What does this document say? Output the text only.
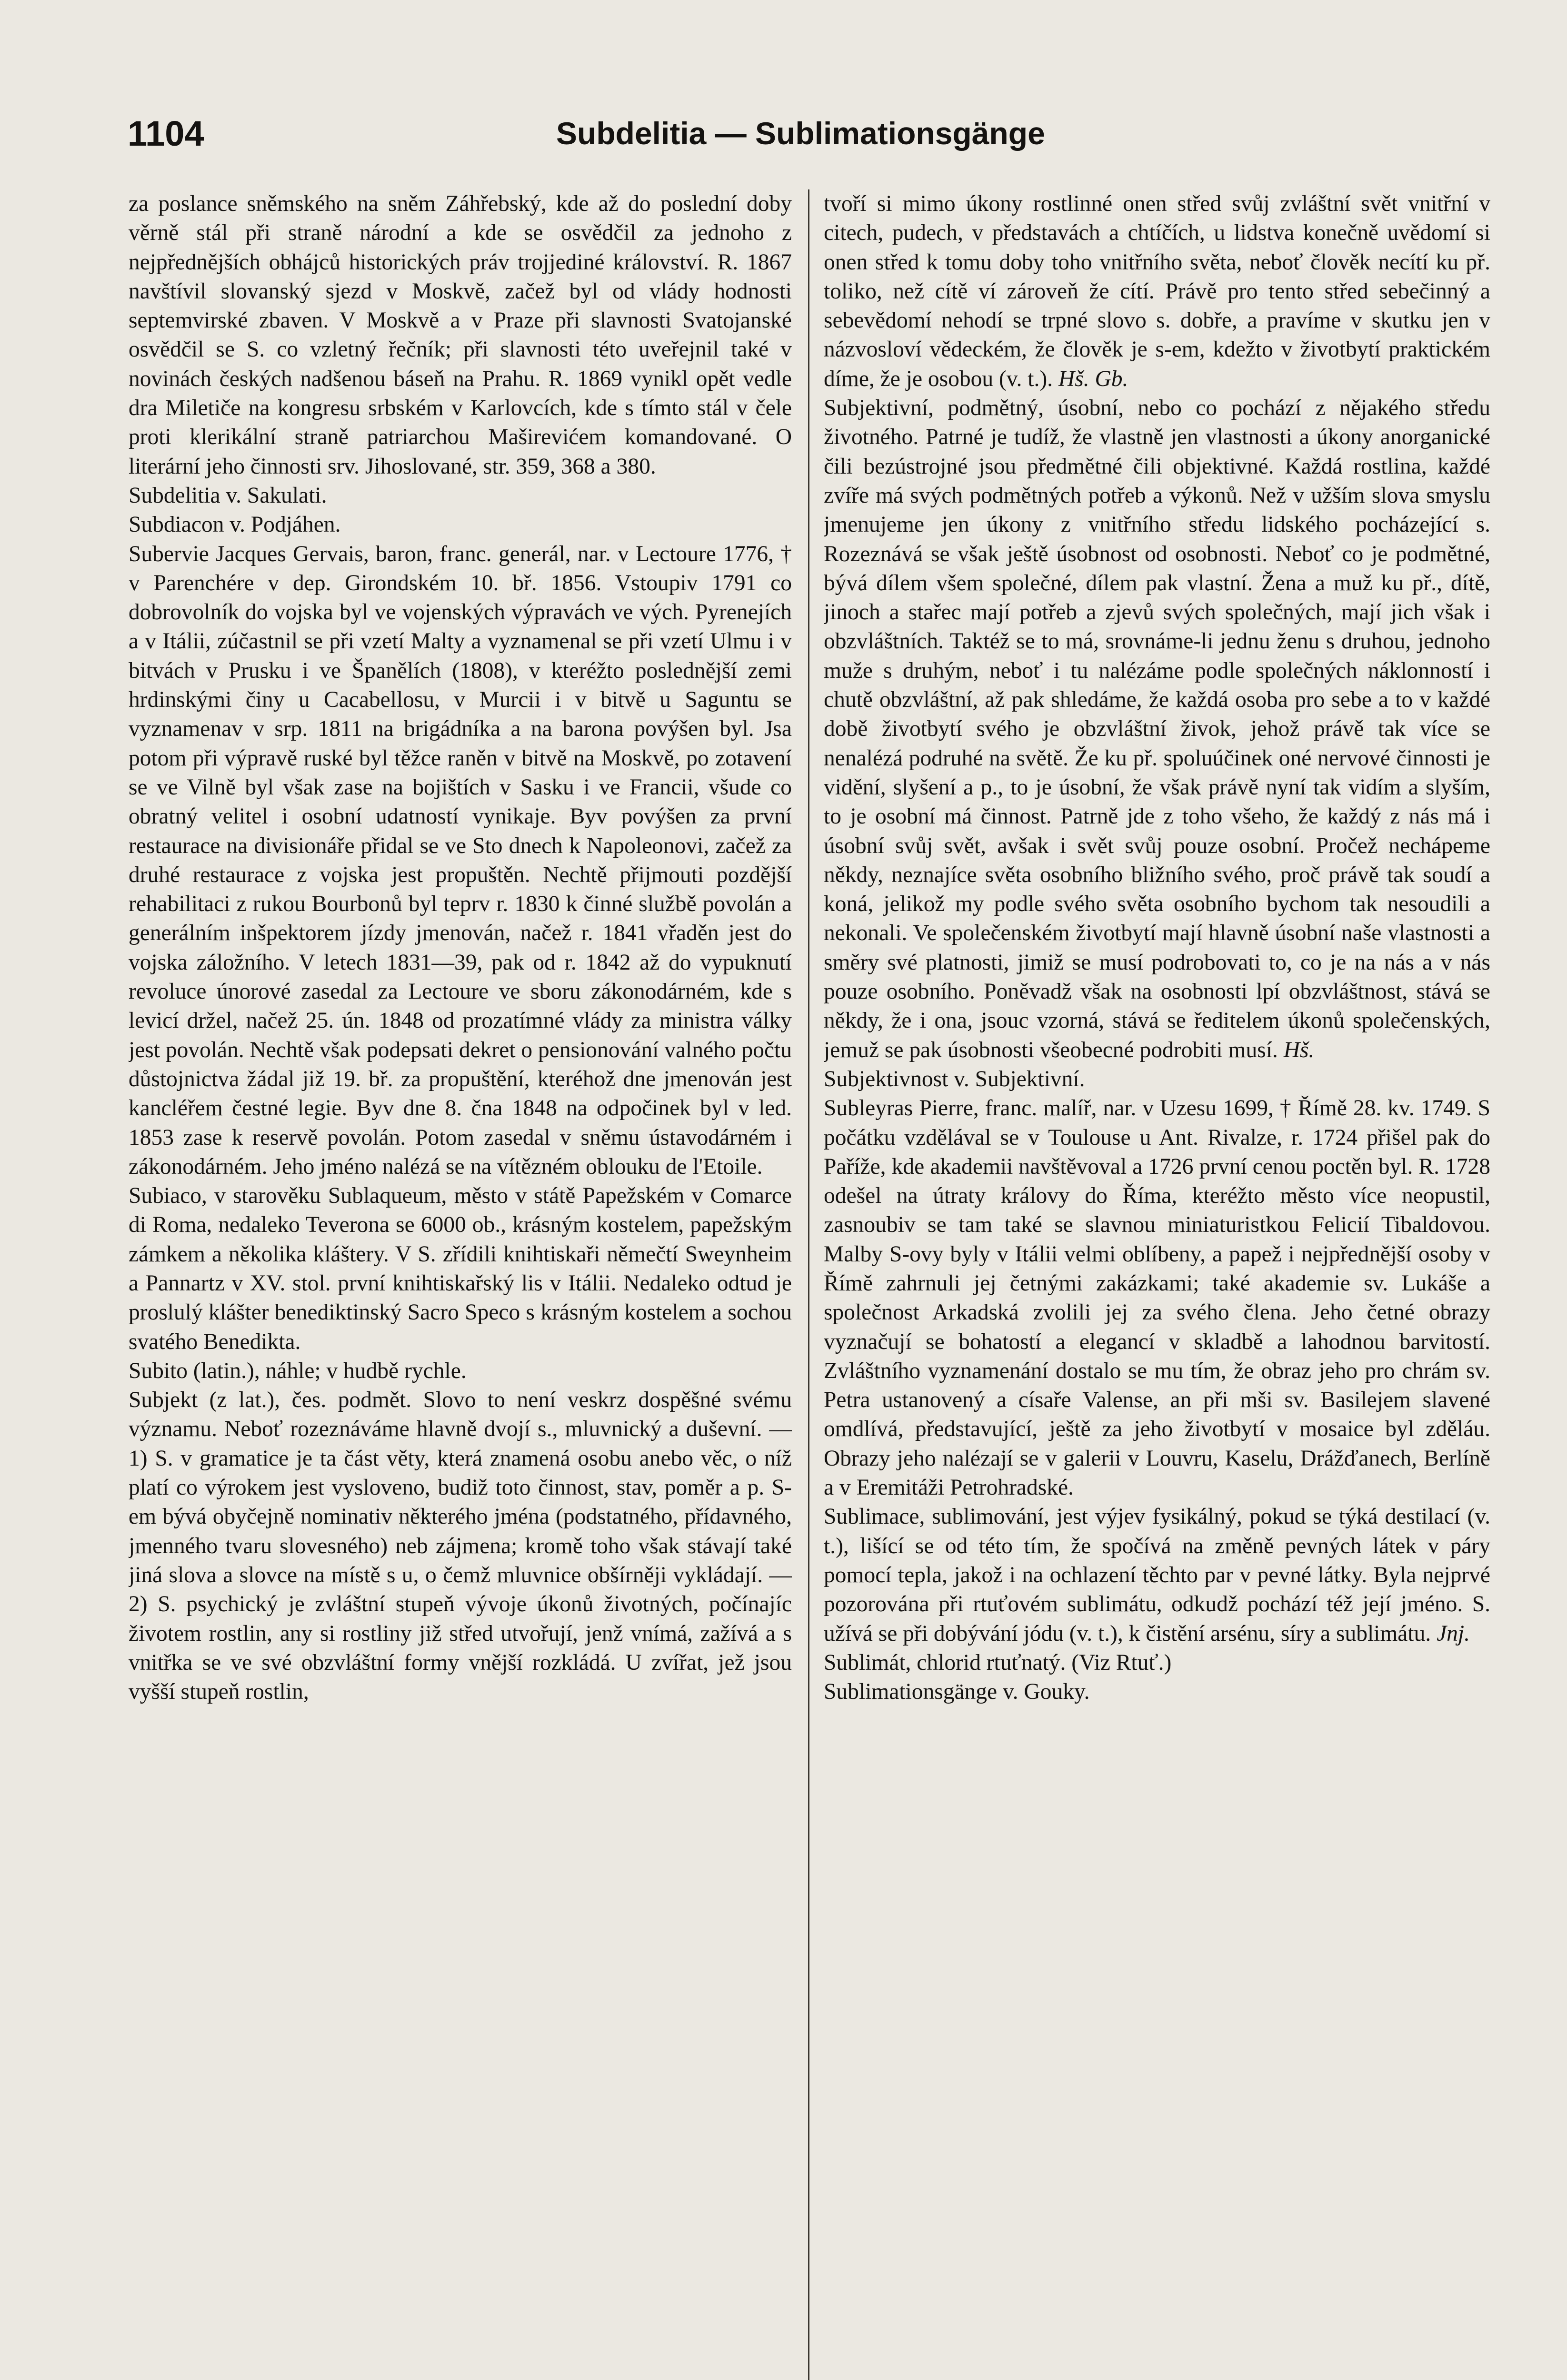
1104	Subdelitia — Sublimationsgänge

za poslance sněmského na sněm Záhřebský, kde až do poslední doby věrně stál při straně národní a kde se osvědčil za jednoho z nejpřednějších obhájců historických práv trojjediné království. R. 1867 navštívil slovanský sjezd v Moskvě, začež byl od vlády hodnosti septemvirské zbaven. V Moskvě a v Praze při slavnosti Svatojanské osvědčil se S. co vzletný řečník; při slavnosti této uveřejnil také v novinách českých nadšenou báseň na Prahu. R. 1869 vynikl opět vedle dra Miletiče na kongresu srbském v Karlovcích, kde s tímto stál v čele proti klerikální straně patriarchou Maširevićem komandované. O literární jeho činnosti srv. Jihoslované, str. 359, 368 a 380.

Subdelitia v. Sakulati.

Subdiacon v. Podjáhen.

Subervie Jacques Gervais, baron, franc. generál, nar. v Lectoure 1776, † v Parenchére v dep. Girondském 10. bř. 1856. Vstoupiv 1791 co dobrovolník do vojska byl ve vojenských výpravách ve vých. Pyrenejích a v Itálii, zúčastnil se při vzetí Malty a vyznamenal se při vzetí Ulmu i v bitvách v Prusku i ve Španělích (1808), v kteréžto poslednější zemi hrdinskými činy u Cacabellosu, v Murcii i v bitvě u Saguntu se vyznamenav v srp. 1811 na brigádníka a na barona povýšen byl. Jsa potom při výpravě ruské byl těžce raněn v bitvě na Moskvě, po zotavení se ve Vilně byl však zase na bojištích v Sasku i ve Francii, všude co obratný velitel i osobní udatností vynikaje. Byv povýšen za první restaurace na divisionáře přidal se ve Sto dnech k Napoleonovi, začež za druhé restaurace z vojska jest propuštěn. Nechtě přijmouti pozdější rehabilitaci z rukou Bourbonů byl teprv r. 1830 k činné službě povolán a generálním inšpektorem jízdy jmenován, načež r. 1841 vřaděn jest do vojska záložního. V letech 1831—39, pak od r. 1842 až do vypuknutí revoluce únorové zasedal za Lectoure ve sboru zákonodárném, kde s levicí držel, načež 25. ún. 1848 od prozatímné vlády za ministra války jest povolán. Nechtě však podepsati dekret o pensionování valného počtu důstojnictva žádal již 19. bř. za propuštění, kteréhož dne jmenován jest kancléřem čestné legie. Byv dne 8. čna 1848 na odpočinek byl v led. 1853 zase k reservě povolán. Potom zasedal v sněmu ústavodárném i zákonodárném. Jeho jméno nalézá se na vítězném oblouku de l'Etoile.

Subiaco, v starověku Sublaqueum, město v státě Papežském v Comarce di Roma, nedaleko Teverona se 6000 ob., krásným kostelem, papežským zámkem a několika kláštery. V S. zřídili knihtiskaři němečtí Sweynheim a Pannartz v XV. stol. první knihtiskařský lis v Itálii. Nedaleko odtud je proslulý klášter benediktinský Sacro Speco s krásným kostelem a sochou svatého Benedikta.

Subito (latin.), náhle; v hudbě rychle.

Subjekt (z lat.), čes. podmět. Slovo to není veskrz dospěšné svému významu. Neboť rozeznáváme hlavně dvojí s., mluvnický a duševní. — 1) S. v gramatice je ta část věty, která znamená osobu anebo věc, o níž platí co výrokem jest vysloveno, budiž toto činnost, stav, poměr a p. S-em bývá obyčejně nominativ některého jména (podstatného, přídavného, jmenného tvaru slovesného) neb zájmena; kromě toho však stávají také jiná slova a slovce na místě s u, o čemž mluvnice obšírněji vykládají. — 2) S. psychický je zvláštní stupeň vývoje úkonů životných, počínajíc životem rostlin, any si rostliny již střed utvořují, jenž vnímá, zažívá a s vnitřka se ve své obzvláštní formy vnější rozkládá. U zvířat, jež jsou vyšší stupeň rostlin,

tvoří si mimo úkony rostlinné onen střed svůj zvláštní svět vnitřní v citech, pudech, v představách a chtíčích, u lidstva konečně uvědomí si onen střed k tomu doby toho vnitřního světa, neboť člověk necítí ku př. toliko, než cítě ví zároveň že cítí. Právě pro tento střed sebečinný a sebevědomí nehodí se trpné slovo s. dobře, a pravíme v skutku jen v názvosloví vědeckém, že člověk je s-em, kdežto v životbytí praktickém díme, že je osobou (v. t.). Hš. Gb.

Subjektivní, podmětný, úsobní, nebo co pochází z nějakého středu životného. Patrné je tudíž, že vlastně jen vlastnosti a úkony anorganické čili bezústrojné jsou předmětné čili objektivné. Každá rostlina, každé zvíře má svých podmětných potřeb a výkonů. Než v užším slova smyslu jmenujeme jen úkony z vnitřního středu lidského pocházející s. Rozeznává se však ještě úsobnost od osobnosti. Neboť co je podmětné, bývá dílem všem společné, dílem pak vlastní. Žena a muž ku př., dítě, jinoch a stařec mají potřeb a zjevů svých společných, mají jich však i obzvláštních. Taktéž se to má, srovnáme-li jednu ženu s druhou, jednoho muže s druhým, neboť i tu nalézáme podle společných náklonností i chutě obzvláštní, až pak shledáme, že každá osoba pro sebe a to v každé době životbytí svého je obzvláštní živok, jehož právě tak více se nenalézá podruhé na světě. Že ku př. spoluúčinek oné nervové činnosti je vidění, slyšení a p., to je úsobní, že však právě nyní tak vidím a slyším, to je osobní má činnost. Patrně jde z toho všeho, že každý z nás má i úsobní svůj svět, avšak i svět svůj pouze osobní. Pročež nechápeme někdy, neznajíce světa osobního bližního svého, proč právě tak soudí a koná, jelikož my podle svého světa osobního bychom tak nesoudili a nekonali. Ve společenském životbytí mají hlavně úsobní naše vlastnosti a směry své platnosti, jimiž se musí podrobovati to, co je na nás a v nás pouze osobního. Poněvadž však na osobnosti lpí obzvláštnost, stává se někdy, že i ona, jsouc vzorná, stává se ředitelem úkonů společenských, jemuž se pak úsobnosti všeobecné podrobiti musí. Hš.

Subjektivnost v. Subjektivní.

Subleyras Pierre, franc. malíř, nar. v Uzesu 1699, † Římě 28. kv. 1749. S počátku vzdělával se v Toulouse u Ant. Rivalze, r. 1724 přišel pak do Paříže, kde akademii navštěvoval a 1726 první cenou poctěn byl. R. 1728 odešel na útraty královy do Říma, kteréžto město více neopustil, zasnoubiv se tam také se slavnou miniaturistkou Felicií Tibaldovou. Malby S-ovy byly v Itálii velmi oblíbeny, a papež i nejpřednější osoby v Římě zahrnuli jej četnými zakázkami; také akademie sv. Lukáše a společnost Arkadská zvolili jej za svého člena. Jeho četné obrazy vyznačují se bohatostí a elegancí v skladbě a lahodnou barvitostí. Zvláštního vyznamenání dostalo se mu tím, že obraz jeho pro chrám sv. Petra ustanovený a císaře Valense, an při mši sv. Basilejem slavené omdlívá, představující, ještě za jeho životbytí v mosaice byl zděláu. Obrazy jeho nalézají se v galerii v Louvru, Kaselu, Drážďanech, Berlíně a v Eremitáži Petrohradské.

Sublimace, sublimování, jest výjev fysikálný, pokud se týká destilací (v. t.), lišící se od této tím, že spočívá na změně pevných látek v páry pomocí tepla, jakož i na ochlazení těchto par v pevné látky. Byla nejprvé pozorována při rtuťovém sublimátu, odkudž pochází též její jméno. S. užívá se při dobývání jódu (v. t.), k čistění arsénu, síry a sublimátu. Jnj.

Sublimát, chlorid rtuťnatý. (Viz Rtuť.)

Sublimationsgänge v. Gouky.
